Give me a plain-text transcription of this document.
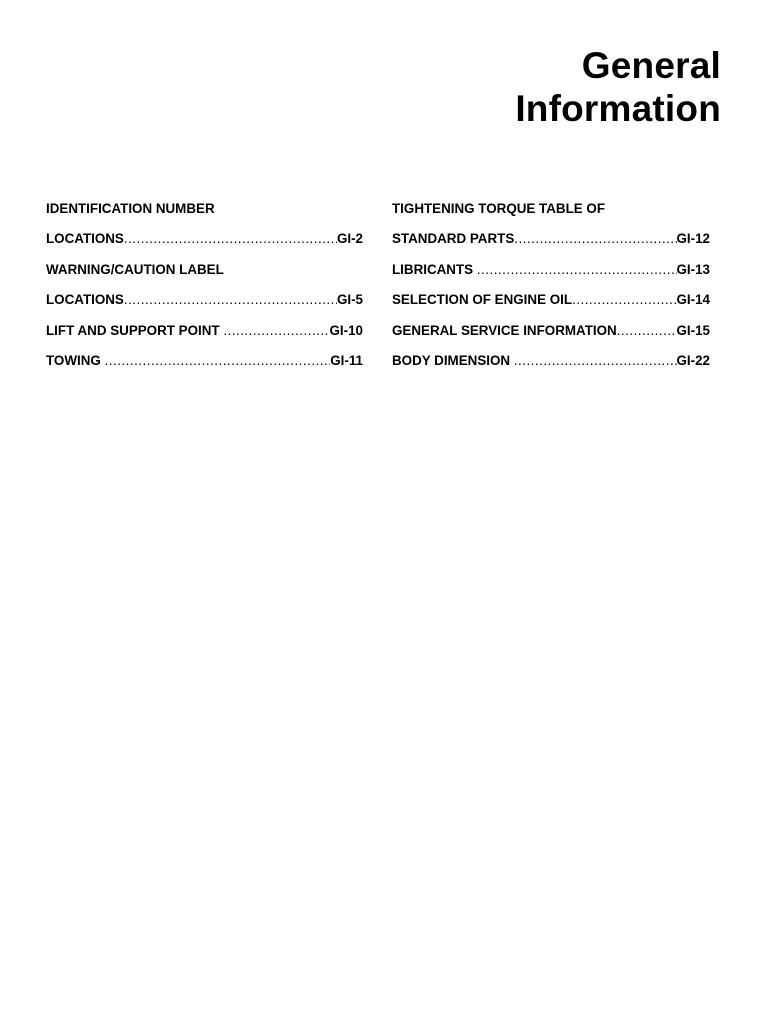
General
Information
IDENTIFICATION NUMBER
LOCATIONS .....	GI-2
WARNING/CAUTION LABEL
LOCATIONS .....	GI-5
LIFT AND SUPPORT POINT .....	GI-10
TOWING .....	GI-11
TIGHTENING TORQUE TABLE OF
STANDARD PARTS .....	GI-12
LIBRICANTS .....	GI-13
SELECTION OF ENGINE OIL .....	GI-14
GENERAL SERVICE INFORMATION .....	GI-15
BODY DIMENSION .....	GI-22
